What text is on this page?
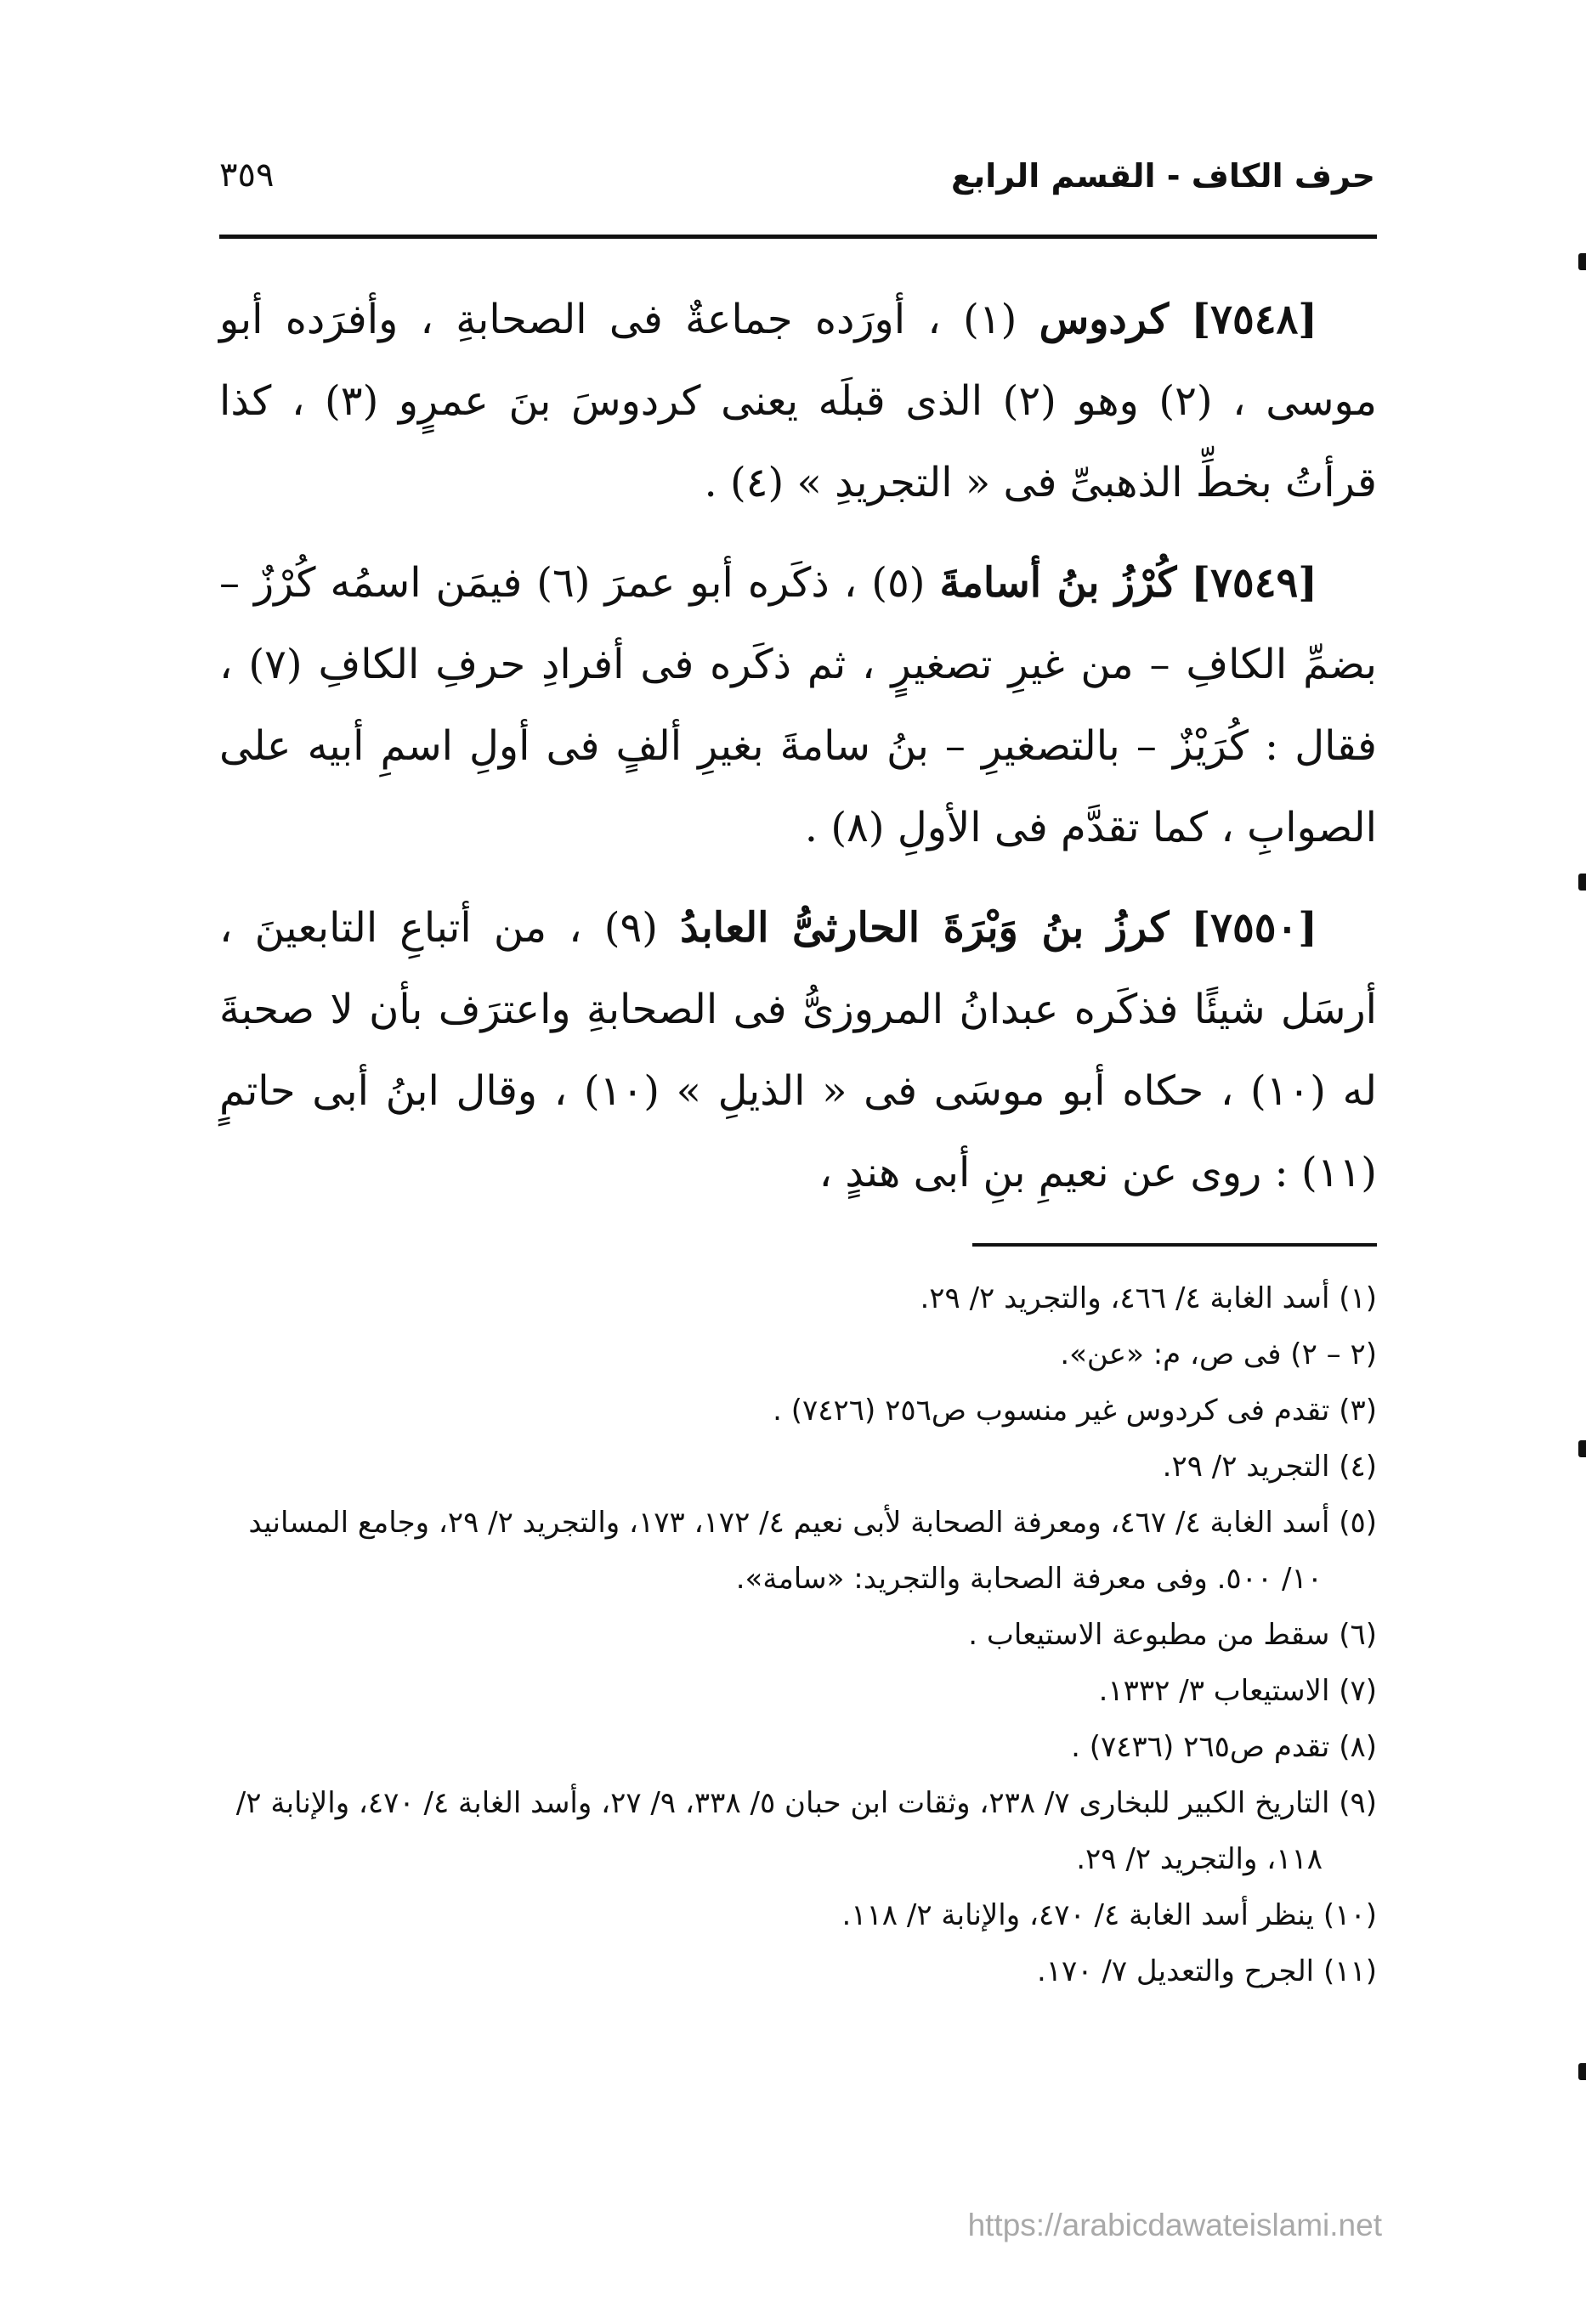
حرف الكاف - القسم الرابع
٣٥٩

[٧٥٤٨] كردوس (١) ، أورَده جماعةٌ فى الصحابةِ ، وأفرَده أبو موسى ، (٢) وهو (٢) الذى قبلَه يعنى كردوسَ بنَ عمرٍو (٣) ، كذا قرأتُ بخطِّ الذهبىِّ فى « التجريدِ » (٤) .

[٧٥٤٩] كُرْزُ بنُ أسامةَ (٥) ، ذكَره أبو عمرَ (٦) فيمَن اسمُه كُرْزٌ – بضمِّ الكافِ – من غيرِ تصغيرٍ ، ثم ذكَره فى أفرادِ حرفِ الكافِ (٧) ، فقال : كُرَيْزٌ – بالتصغيرِ – بنُ سامةَ بغيرِ ألفٍ فى أولِ اسمِ أبيه على الصوابِ ، كما تقدَّم فى الأولِ (٨) .

[٧٥٥٠] كرزُ بنُ وَبْرَةَ الحارثىُّ العابدُ (٩) ، من أتباعِ التابعينَ ، أرسَل شيئًا فذكَره عبدانُ المروزىُّ فى الصحابةِ واعترَف بأن لا صحبةَ له (١٠) ، حكاه أبو موسَى فى « الذيلِ » (١٠) ، وقال ابنُ أبى حاتمٍ (١١) : روى عن نعيمِ بنِ أبى هندٍ ،

(١) أسد الغابة ٤/ ٤٦٦، والتجريد ٢/ ٢٩.

(٢ – ٢) فى ص، م: «عن».

(٣) تقدم فى كردوس غير منسوب ص٢٥٦ (٧٤٢٦) .

(٤) التجريد ٢/ ٢٩.

(٥) أسد الغابة ٤/ ٤٦٧، ومعرفة الصحابة لأبى نعيم ٤/ ١٧٢، ١٧٣، والتجريد ٢/ ٢٩، وجامع المسانيد ١٠/ ٥٠٠. وفى معرفة الصحابة والتجريد: «سامة».

(٦) سقط من مطبوعة الاستيعاب .

(٧) الاستيعاب ٣/ ١٣٣٢.

(٨) تقدم ص٢٦٥ (٧٤٣٦) .

(٩) التاريخ الكبير للبخارى ٧/ ٢٣٨، وثقات ابن حبان ٥/ ٣٣٨، ٩/ ٢٧، وأسد الغابة ٤/ ٤٧٠، والإنابة ٢/ ١١٨، والتجريد ٢/ ٢٩.

(١٠) ينظر أسد الغابة ٤/ ٤٧٠، والإنابة ٢/ ١١٨.

(١١) الجرح والتعديل ٧/ ١٧٠.

https://arabicdawateislami.net
